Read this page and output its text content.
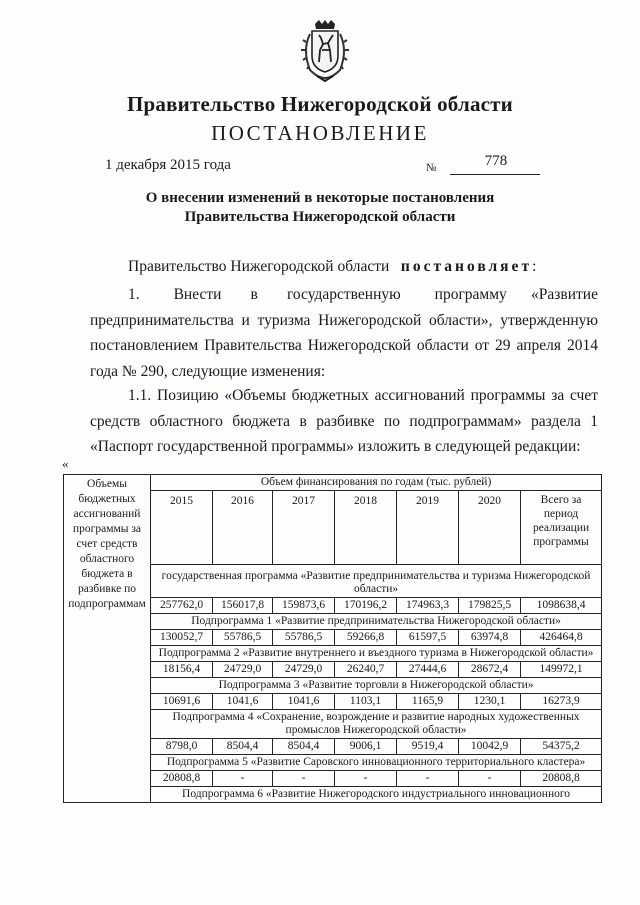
Правительство Нижегородской области
ПОСТАНОВЛЕНИЕ
1 декабря 2015 года	№	778
О внесении изменений в некоторые постановления
Правительства Нижегородской области
Правительство Нижегородской области постановляет:
1.       Внести      в      государственную       программу     «Развитие предпринимательства и туризма Нижегородской области», утвержденную постановлением Правительства Нижегородской области от 29 апреля 2014 года № 290, следующие изменения:
1.1. Позицию «Объемы бюджетных ассигнований программы за счет средств областного бюджета в разбивке по подпрограммам» раздела 1 «Паспорт государственной программы» изложить в следующей редакции:
«
Объемы бюджетных ассигнований программы за счет средств областного бюджета в разбивке по подпрограммам	Объем финансирования по годам (тыс. рублей)						
	2015	2016	2017	2018	2019	2020	Всего за период реализации программы
	государственная программа «Развитие предпринимательства и туризма Нижегородской области»						
	257762,0	156017,8	159873,6	170196,2	174963,3	179825,5	1098638,4
	Подпрограмма 1 «Развитие предпринимательства Нижегородской области»						
	130052,7	55786,5	55786,5	59266,8	61597,5	63974,8	426464,8
	Подпрограмма 2 «Развитие внутреннего и въездного туризма в Нижегородской области»						
	18156,4	24729,0	24729,0	26240,7	27444,6	28672,4	149972,1
	Подпрограмма 3 «Развитие торговли в Нижегородской области»						
	10691,6	1041,6	1041,6	1103,1	1165,9	1230,1	16273,9
	Подпрограмма 4 «Сохранение, возрождение и развитие народных художественных промыслов Нижегородской области»						
	8798,0	8504,4	8504,4	9006,1	9519,4	10042,9	54375,2
	Подпрограмма 5 «Развитие Саровского инновационного территориального кластера»						
	20808,8	-	-	-	-	-	20808,8
	Подпрограмма 6 «Развитие Нижегородского индустриального инновационного						
